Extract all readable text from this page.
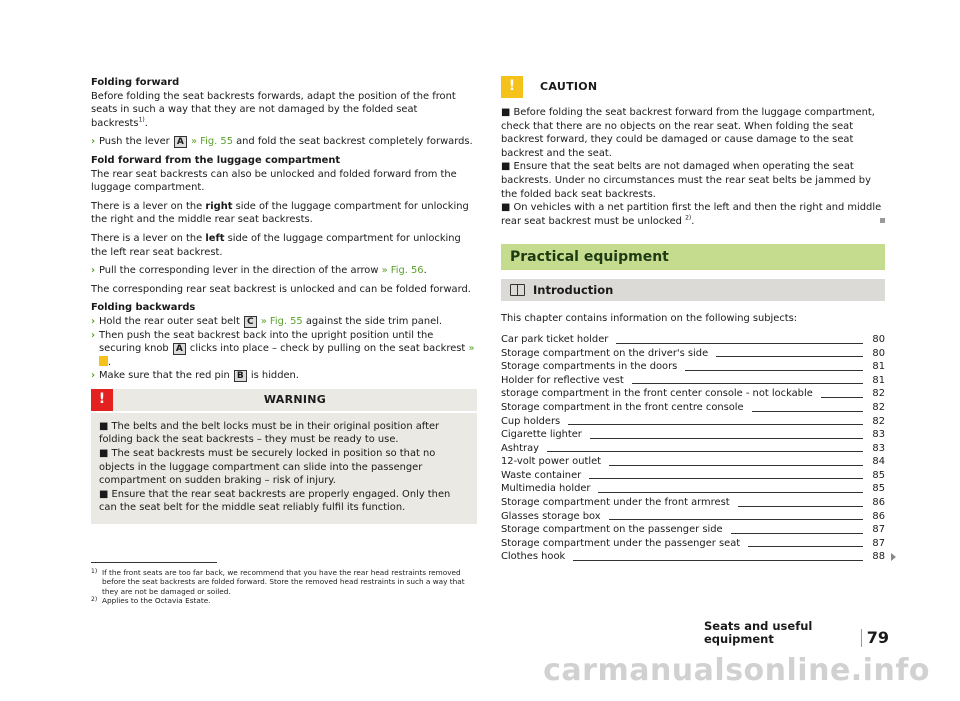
Folding forward

Before folding the seat backrests forwards, adapt the position of the front seats in such a way that they are not damaged by the folded seat backrests$^{1)}$.

› Push the lever A » Fig. 55 and fold the seat backrest completely forwards.

Fold forward from the luggage compartment

The rear seat backrests can also be unlocked and folded forward from the luggage compartment.

There is a lever on the right side of the luggage compartment for unlocking the right and the middle rear seat backrests.

There is a lever on the left side of the luggage compartment for unlocking the left rear seat backrest.

› Pull the corresponding lever in the direction of the arrow » Fig. 56.

The corresponding rear seat backrest is unlocked and can be folded forward.

Folding backwards

› Hold the rear outer seat belt C » Fig. 55 against the side trim panel.
› Then push the seat backrest back into the upright position until the securing knob A clicks into place – check by pulling on the seat backrest » .
› Make sure that the red pin B is hidden.
!	WARNING

■ The belts and the belt locks must be in their original position after folding back the seat backrests – they must be ready to use.

■ The seat backrests must be securely locked in position so that no objects in the luggage compartment can slide into the passenger compartment on sudden braking – risk of injury.

■ Ensure that the rear seat backrests are properly engaged. Only then can the seat belt for the middle seat reliably fulfil its function.

!	CAUTION

■ Before folding the seat backrest forward from the luggage compartment, check that there are no objects on the rear seat. When folding the seat backrest forward, they could be damaged or cause damage to the seat backrest and the seat.

■ Ensure that the seat belts are not damaged when operating the seat backrests. Under no circumstances must the rear seat belts be jammed by the folded back seat backrests.

■ On vehicles with a net partition first the left and then the right and middle rear seat backrest must be unlocked $^{2)}$.

Practical equipment
Introduction

This chapter contains information on the following subjects:

Car park ticket holder	80
Storage compartment on the driver's side	80
Storage compartments in the doors	81
Holder for reflective vest	81
storage compartment in the front center console - not lockable	82
Storage compartment in the front centre console	82
Cup holders	82
Cigarette lighter	83
Ashtray	83
12-volt power outlet	84
Waste container	85
Multimedia holder	85
Storage compartment under the front armrest	86
Glasses storage box	86
Storage compartment on the passenger side	87
Storage compartment under the passenger seat	87
Clothes hook	88
1) If the front seats are too far back, we recommend that you have the rear head restraints removed before the seat backrests are folded forward. Store the removed head restraints in such a way that they are not be damaged or soiled.
2) Applies to the Octavia Estate.
Seats and useful equipment	79
carmanualsonline.info
